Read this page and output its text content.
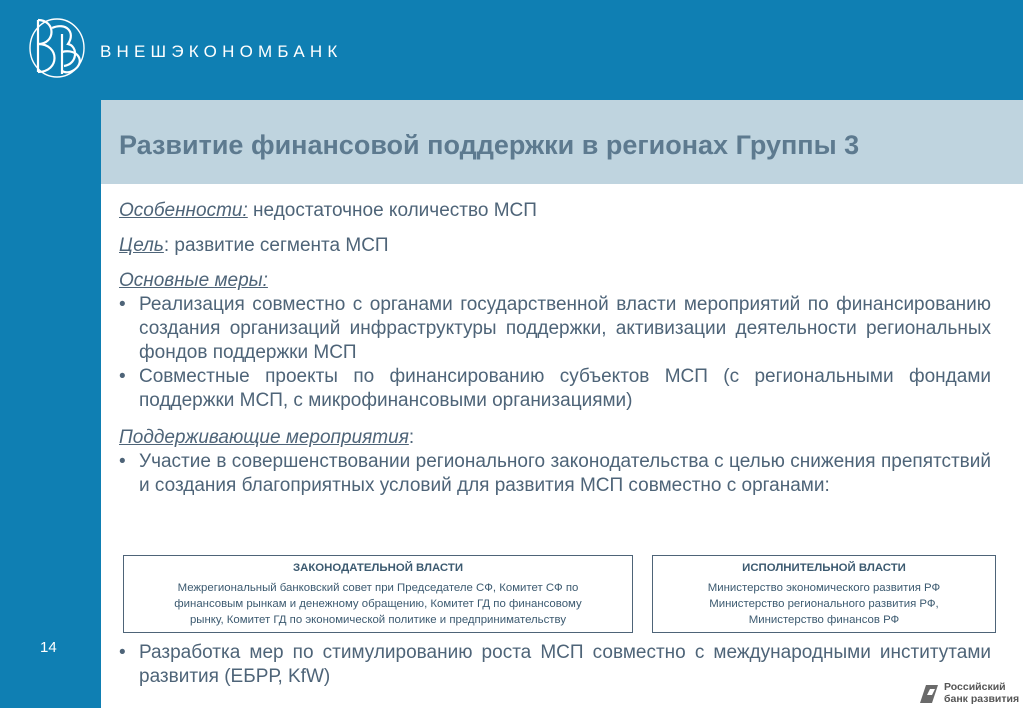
ВНЕШЭКОНОМБАНК
Развитие финансовой поддержки в регионах Группы 3
14
Особенности: недостаточное количество МСП
Цель: развитие сегмента МСП
Основные меры:
• Реализация совместно с органами государственной власти мероприятий по финансированию создания организаций инфраструктуры поддержки, активизации деятельности региональных фондов поддержки МСП
• Совместные проекты по финансированию субъектов МСП (с региональными фондами поддержки МСП, с микрофинансовыми организациями)
Поддерживающие мероприятия:
• Участие в совершенствовании регионального законодательства с целью снижения препятствий и создания благоприятных условий для развития МСП совместно с органами:
ЗАКОНОДАТЕЛЬНОЙ ВЛАСТИ
Межрегиональный банковский совет при Председателе СФ, Комитет СФ по
финансовым рынкам и денежному обращению, Комитет ГД по финансовому
рынку, Комитет ГД по экономической политике и предпринимательству
ИСПОЛНИТЕЛЬНОЙ ВЛАСТИ
Министерство экономического развития РФ
Министерство регионального развития РФ,
Министерство финансов РФ
• Разработка мер по стимулированию роста МСП совместно с международными институтами развития (ЕБРР, KfW)	Российский
банк развития
